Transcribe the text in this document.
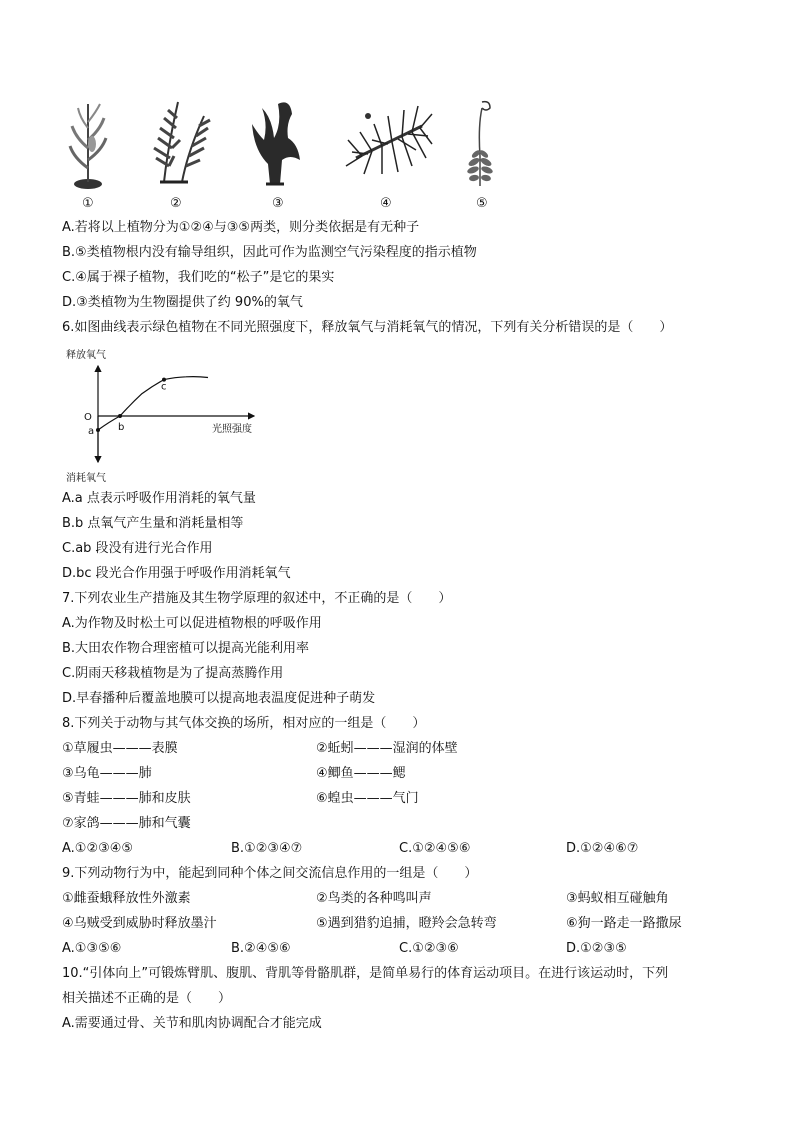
①	②	③	④	⑤
A.若将以上植物分为①②④与③⑤两类，则分类依据是有无种子
B.⑤类植物根内没有输导组织，因此可作为监测空气污染程度的指示植物
C.④属于裸子植物，我们吃的“松子”是它的果实
D.③类植物为生物圈提供了约 90%的氧气
6.如图曲线表示绿色植物在不同光照强度下，释放氧气与消耗氧气的情况，下列有关分析错误的是（　　）
释放氧气
消耗氧气
O
光照强度
a b
c
A.a 点表示呼吸作用消耗的氧气量
B.b 点氧气产生量和消耗量相等
C.ab 段没有进行光合作用
D.bc 段光合作用强于呼吸作用消耗氧气
7.下列农业生产措施及其生物学原理的叙述中，不正确的是（　　）
A.为作物及时松土可以促进植物根的呼吸作用
B.大田农作物合理密植可以提高光能利用率
C.阴雨天移栽植物是为了提高蒸腾作用
D.早春播种后覆盖地膜可以提高地表温度促进种子萌发
8.下列关于动物与其气体交换的场所，相对应的一组是（　　）
①草履虫———表膜	②蚯蚓———湿润的体壁
③乌龟———肺	④鲫鱼———鳃
⑤青蛙———肺和皮肤	⑥蝗虫———气门
⑦家鸽———肺和气囊
A.①②③④⑤	B.①②③④⑦	C.①②④⑤⑥	D.①②④⑥⑦
9.下列动物行为中，能起到同种个体之间交流信息作用的一组是（　　）
①雌蚕蛾释放性外激素	②鸟类的各种鸣叫声	③蚂蚁相互碰触角
④乌贼受到威胁时释放墨汁	⑤遇到猎豹追捕，瞪羚会急转弯	⑥狗一路走一路撒尿
A.①③⑤⑥	B.②④⑤⑥	C.①②③⑥	D.①②③⑤
10.“引体向上”可锻炼臂肌、腹肌、背肌等骨骼肌群，是简单易行的体育运动项目。在进行该运动时，下列
相关描述不正确的是（　　）
A.需要通过骨、关节和肌肉协调配合才能完成
